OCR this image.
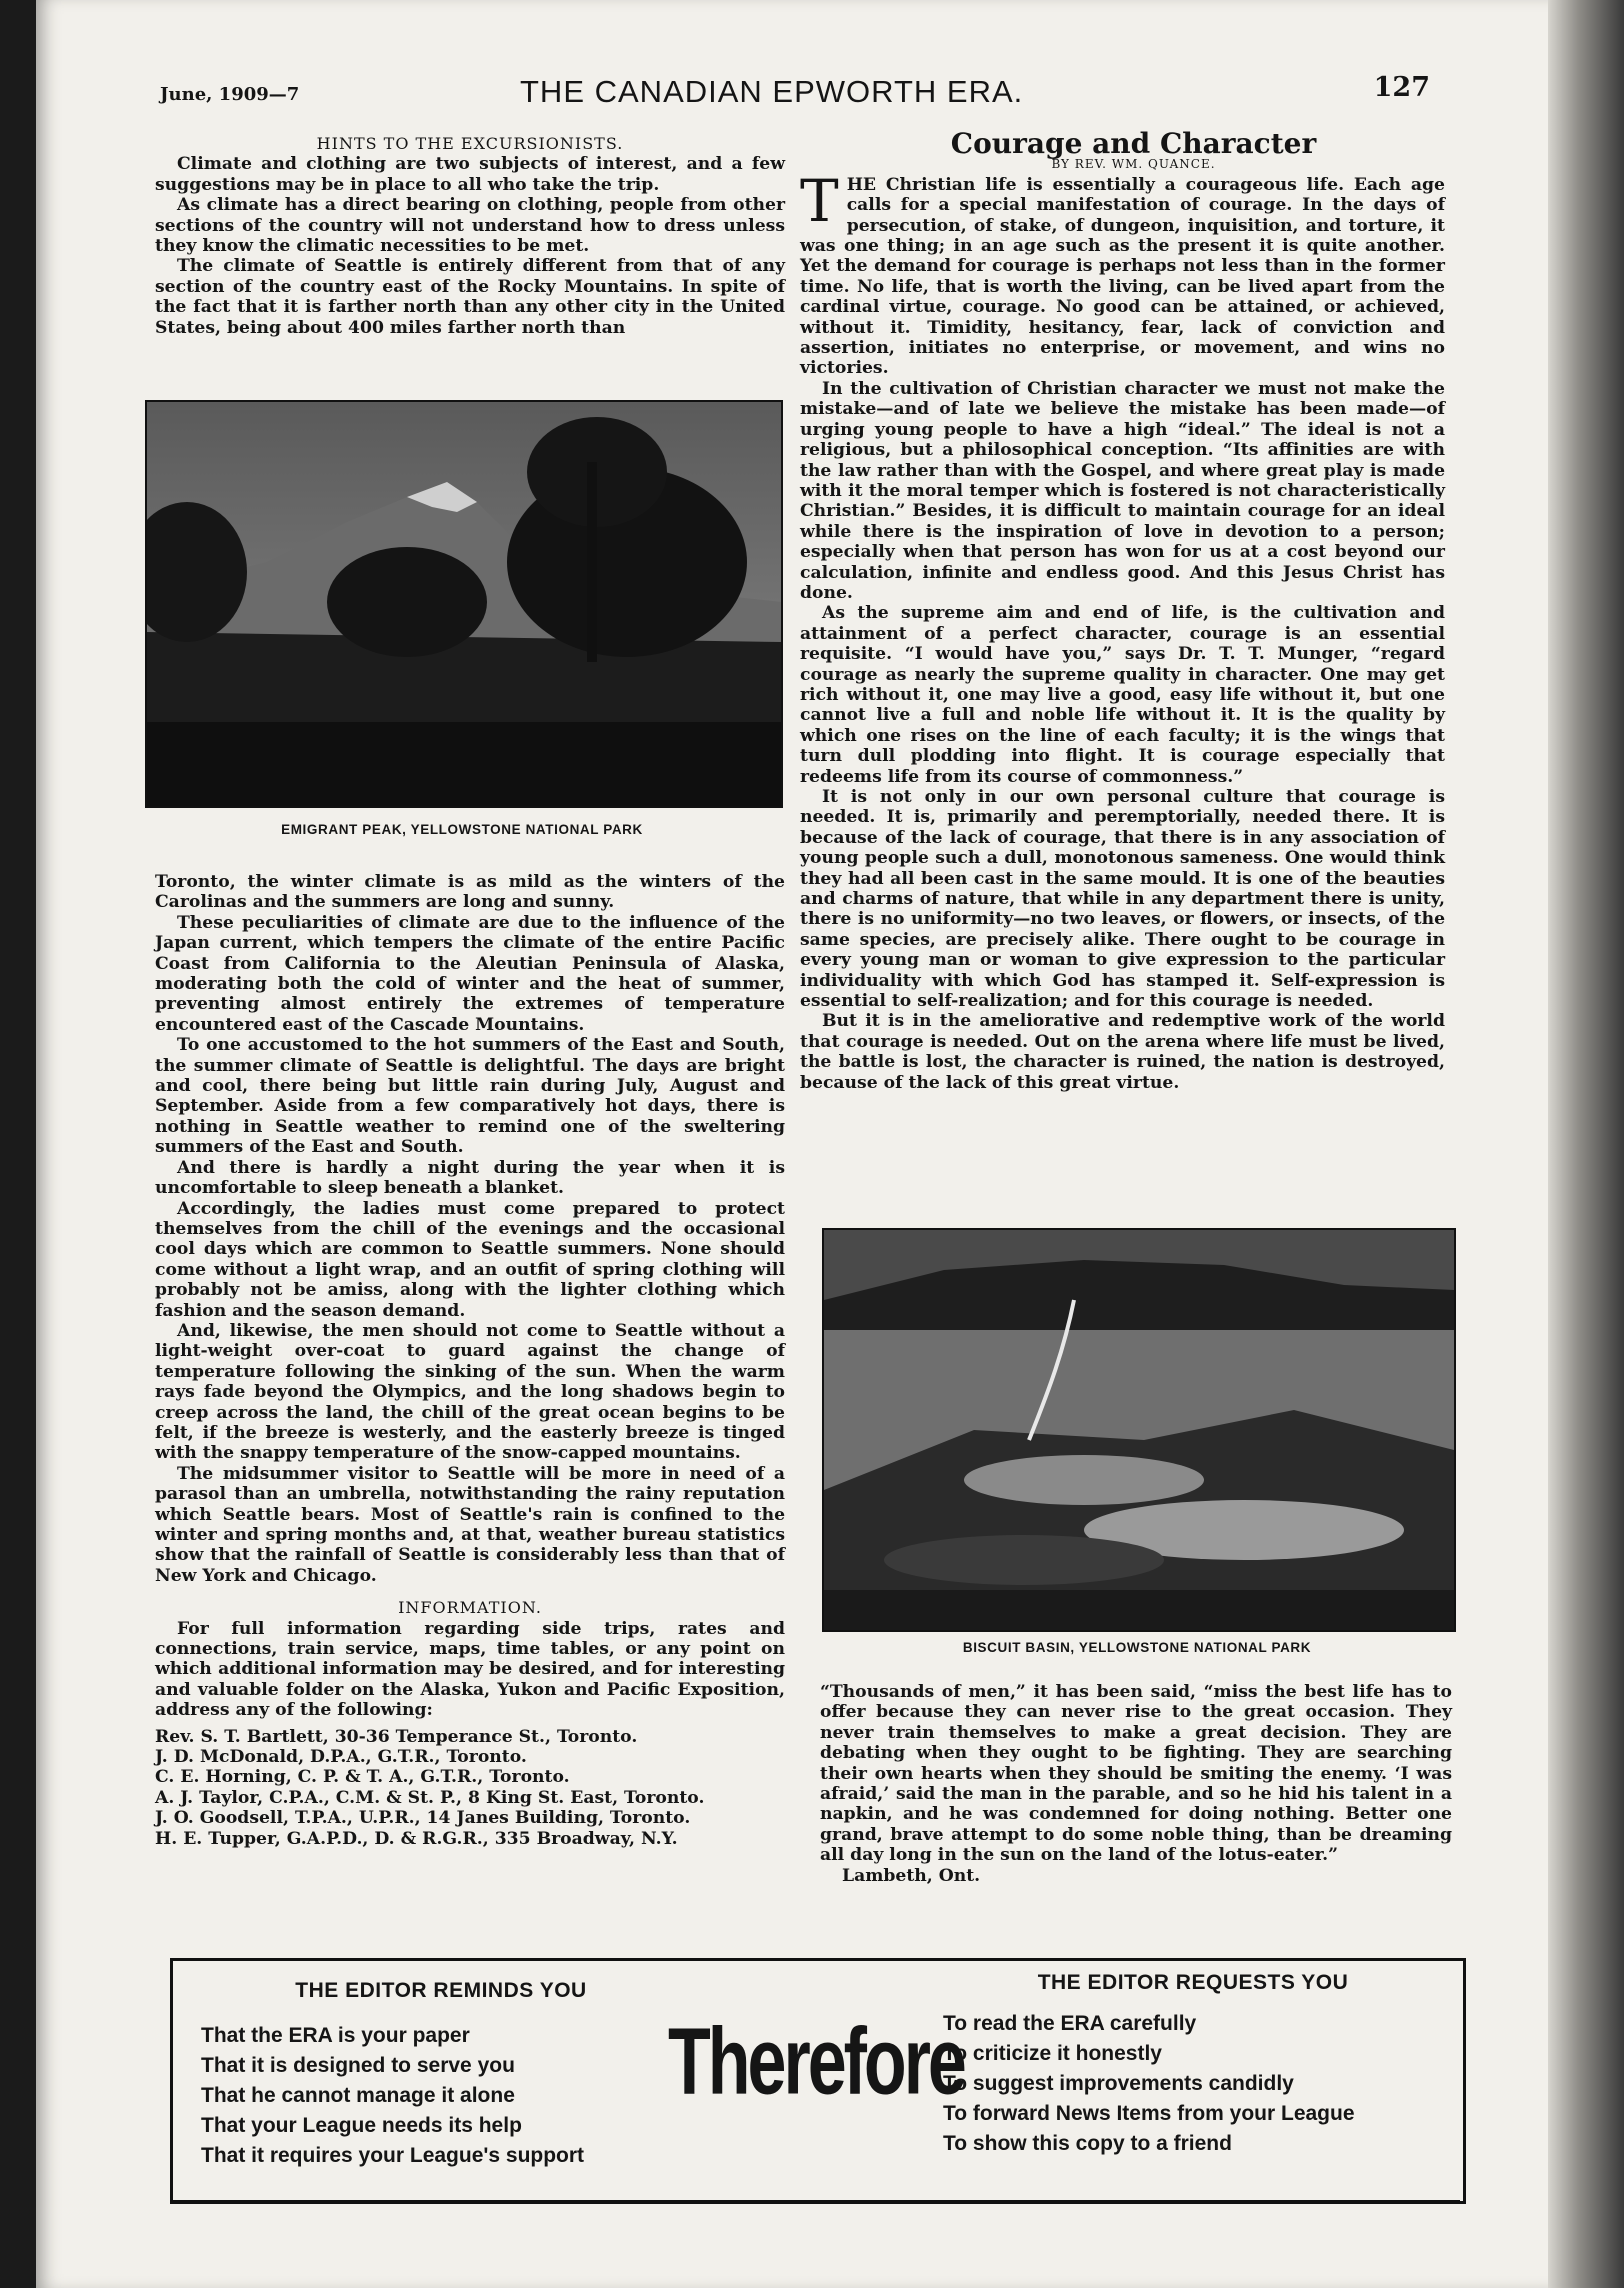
June, 1909—7	THE CANADIAN EPWORTH ERA.	127

HINTS TO THE EXCURSIONISTS.

Climate and clothing are two subjects of interest, and a few suggestions may be in place to all who take the trip.

As climate has a direct bearing on clothing, people from other sections of the country will not understand how to dress unless they know the climatic necessities to be met.

The climate of Seattle is entirely different from that of any section of the country east of the Rocky Mountains. In spite of the fact that it is farther north than any other city in the United States, being about 400 miles farther north than

EMIGRANT PEAK, YELLOWSTONE NATIONAL PARK

Toronto, the winter climate is as mild as the winters of the Carolinas and the summers are long and sunny.

These peculiarities of climate are due to the influence of the Japan current, which tempers the climate of the entire Pacific Coast from California to the Aleutian Peninsula of Alaska, moderating both the cold of winter and the heat of summer, preventing almost entirely the extremes of temperature encountered east of the Cascade Mountains.

To one accustomed to the hot summers of the East and South, the summer climate of Seattle is delightful. The days are bright and cool, there being but little rain during July, August and September. Aside from a few comparatively hot days, there is nothing in Seattle weather to remind one of the sweltering summers of the East and South.

And there is hardly a night during the year when it is uncomfortable to sleep beneath a blanket.

Accordingly, the ladies must come prepared to protect themselves from the chill of the evenings and the occasional cool days which are common to Seattle summers. None should come without a light wrap, and an outfit of spring clothing will probably not be amiss, along with the lighter clothing which fashion and the season demand.

And, likewise, the men should not come to Seattle without a light-weight over-coat to guard against the change of temperature following the sinking of the sun. When the warm rays fade beyond the Olympics, and the long shadows begin to creep across the land, the chill of the great ocean begins to be felt, if the breeze is westerly, and the easterly breeze is tinged with the snappy temperature of the snow-capped mountains.

The midsummer visitor to Seattle will be more in need of a parasol than an umbrella, notwithstanding the rainy reputation which Seattle bears. Most of Seattle's rain is confined to the winter and spring months and, at that, weather bureau statistics show that the rainfall of Seattle is considerably less than that of New York and Chicago.

INFORMATION.

For full information regarding side trips, rates and connections, train service, maps, time tables, or any point on which additional information may be desired, and for interesting and valuable folder on the Alaska, Yukon and Pacific Exposition, address any of the following:

Rev. S. T. Bartlett, 30-36 Temperance St., Toronto.
J. D. McDonald, D.P.A., G.T.R., Toronto.
C. E. Horning, C. P. & T. A., G.T.R., Toronto.
A. J. Taylor, C.P.A., C.M. & St. P., 8 King St. East, Toronto.
J. O. Goodsell, T.P.A., U.P.R., 14 Janes Building, Toronto.
H. E. Tupper, G.A.P.D., D. & R.G.R., 335 Broadway, N.Y.

Courage and Character

BY REV. WM. QUANCE.

THE Christian life is essentially a courageous life. Each age calls for a special manifestation of courage. In the days of persecution, of stake, of dungeon, inquisition, and torture, it was one thing; in an age such as the present it is quite another. Yet the demand for courage is perhaps not less than in the former time. No life, that is worth the living, can be lived apart from the cardinal virtue, courage. No good can be attained, or achieved, without it. Timidity, hesitancy, fear, lack of conviction and assertion, initiates no enterprise, or movement, and wins no victories.

In the cultivation of Christian character we must not make the mistake—and of late we believe the mistake has been made—of urging young people to have a high “ideal.” The ideal is not a religious, but a philosophical conception. “Its affinities are with the law rather than with the Gospel, and where great play is made with it the moral temper which is fostered is not characteristically Christian.” Besides, it is difficult to maintain courage for an ideal while there is the inspiration of love in devotion to a person; especially when that person has won for us at a cost beyond our calculation, infinite and endless good. And this Jesus Christ has done.

As the supreme aim and end of life, is the cultivation and attainment of a perfect character, courage is an essential requisite. “I would have you,” says Dr. T. T. Munger, “regard courage as nearly the supreme quality in character. One may get rich without it, one may live a good, easy life without it, but one cannot live a full and noble life without it. It is the quality by which one rises on the line of each faculty; it is the wings that turn dull plodding into flight. It is courage especially that redeems life from its course of commonness.”

It is not only in our own personal culture that courage is needed. It is, primarily and peremptorially, needed there. It is because of the lack of courage, that there is in any association of young people such a dull, monotonous sameness. One would think they had all been cast in the same mould. It is one of the beauties and charms of nature, that while in any department there is unity, there is no uniformity—no two leaves, or flowers, or insects, of the same species, are precisely alike. There ought to be courage in every young man or woman to give expression to the particular individuality with which God has stamped it. Self-expression is essential to self-realization; and for this courage is needed.

But it is in the ameliorative and redemptive work of the world that courage is needed. Out on the arena where life must be lived, the battle is lost, the character is ruined, the nation is destroyed, because of the lack of this great virtue.

BISCUIT BASIN, YELLOWSTONE NATIONAL PARK

“Thousands of men,” it has been said, “miss the best life has to offer because they can never rise to the great occasion. They never train themselves to make a great decision. They are debating when they ought to be fighting. They are searching their own hearts when they should be smiting the enemy. ‘I was afraid,’ said the man in the parable, and so he hid his talent in a napkin, and he was condemned for doing nothing. Better one grand, brave attempt to do some noble thing, than be dreaming all day long in the sun on the land of the lotus-eater.”

Lambeth, Ont.

THE EDITOR REMINDS YOU
That the ERA is your paper
That it is designed to serve you
That he cannot manage it alone
That your League needs its help
That it requires your League's support
Therefore
THE EDITOR REQUESTS YOU
To read the ERA carefully
To criticize it honestly
To suggest improvements candidly
To forward News Items from your League
To show this copy to a friend
